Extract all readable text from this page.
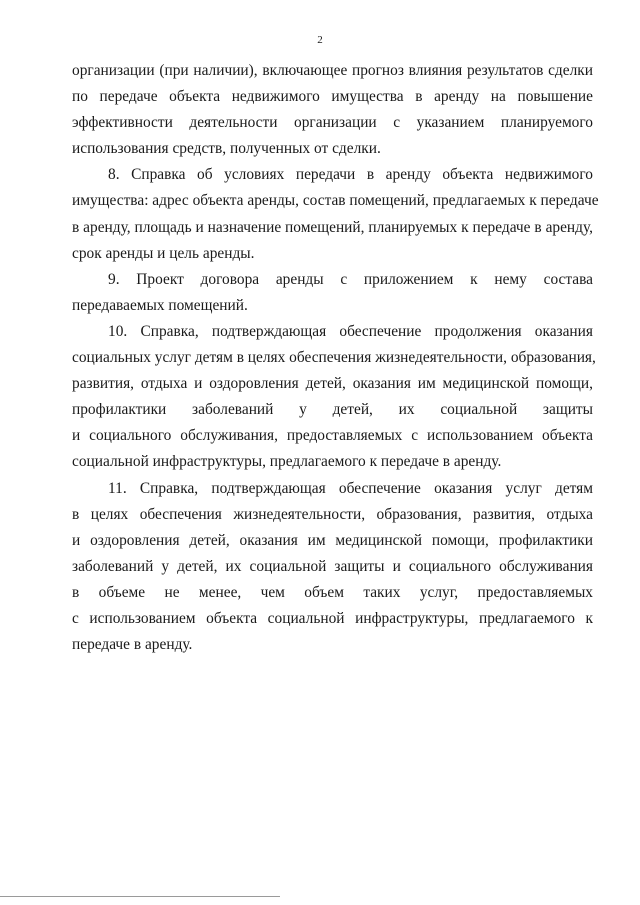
2
организации (при наличии), включающее прогноз влияния результатов сделки
по передаче объекта недвижимого имущества в аренду на повышение
эффективности деятельности организации с указанием планируемого
использования средств, полученных от сделки.
8. Справка об условиях передачи в аренду объекта недвижимого
имущества: адрес объекта аренды, состав помещений, предлагаемых к передаче
в аренду, площадь и назначение помещений, планируемых к передаче в аренду,
срок аренды и цель аренды.
9. Проект договора аренды с приложением к нему состава
передаваемых помещений.
10. Справка, подтверждающая обеспечение продолжения оказания
социальных услуг детям в целях обеспечения жизнедеятельности, образования,
развития, отдыха и оздоровления детей, оказания им медицинской помощи,
профилактики заболеваний у детей, их социальной защиты
и социального обслуживания, предоставляемых с использованием объекта
социальной инфраструктуры, предлагаемого к передаче в аренду.
11. Справка, подтверждающая обеспечение оказания услуг детям
в целях обеспечения жизнедеятельности, образования, развития, отдыха
и оздоровления детей, оказания им медицинской помощи, профилактики
заболеваний у детей, их социальной защиты и социального обслуживания
в объеме не менее, чем объем таких услуг, предоставляемых
с использованием объекта социальной инфраструктуры, предлагаемого к
передаче в аренду.
